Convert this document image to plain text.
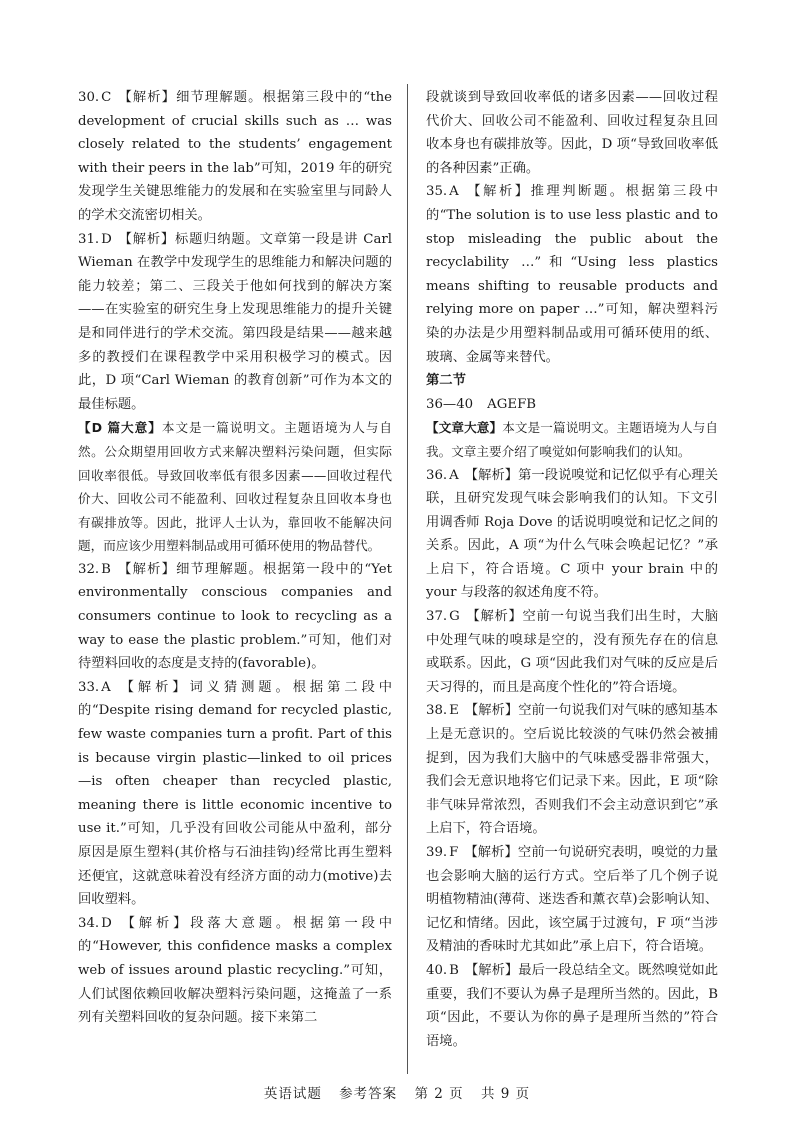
30. C 【解析】细节理解题。根据第三段中的“the development of crucial skills such as … was closely related to the students’ engagement with their peers in the lab”可知，2019 年的研究发现学生关键思维能力的发展和在实验室里与同龄人的学术交流密切相关。
31. D 【解析】标题归纳题。文章第一段是讲 Carl Wieman 在教学中发现学生的思维能力和解决问题的能力较差；第二、三段关于他如何找到的解决方案——在实验室的研究生身上发现思维能力的提升关键是和同伴进行的学术交流。第四段是结果——越来越多的教授们在课程教学中采用积极学习的模式。因此，D 项“Carl Wieman 的教育创新”可作为本文的最佳标题。
【D 篇大意】本文是一篇说明文。主题语境为人与自然。公众期望用回收方式来解决塑料污染问题，但实际回收率很低。导致回收率低有很多因素——回收过程代价大、回收公司不能盈利、回收过程复杂且回收本身也有碳排放等。因此，批评人士认为，靠回收不能解决问题，而应该少用塑料制品或用可循环使用的物品替代。
32. B 【解析】细节理解题。根据第一段中的“Yet environmentally conscious companies and consumers continue to look to recycling as a way to ease the plastic problem.”可知，他们对待塑料回收的态度是支持的(favorable)。
33. A 【解析】词义猜测题。根据第二段中的“Despite rising demand for recycled plastic, few waste companies turn a profit. Part of this is because virgin plastic—linked to oil prices—is often cheaper than recycled plastic, meaning there is little economic incentive to use it.”可知，几乎没有回收公司能从中盈利，部分原因是原生塑料(其价格与石油挂钩)经常比再生塑料还便宜，这就意味着没有经济方面的动力(motive)去回收塑料。
34. D 【解析】段落大意题。根据第一段中的“However, this confidence masks a complex web of issues around plastic recycling.”可知，人们试图依赖回收解决塑料污染问题，这掩盖了一系列有关塑料回收的复杂问题。接下来第二
段就谈到导致回收率低的诸多因素——回收过程代价大、回收公司不能盈利、回收过程复杂且回收本身也有碳排放等。因此，D 项“导致回收率低的各种因素”正确。
35. A 【解析】推理判断题。根据第三段中的“The solution is to use less plastic and to stop misleading the public about the recyclability …”和“Using less plastics means shifting to reusable products and relying more on paper …”可知，解决塑料污染的办法是少用塑料制品或用可循环使用的纸、玻璃、金属等来替代。
第二节
36—40 AGEFB
【文章大意】本文是一篇说明文。主题语境为人与自我。文章主要介绍了嗅觉如何影响我们的认知。
36. A 【解析】第一段说嗅觉和记忆似乎有心理关联，且研究发现气味会影响我们的认知。下文引用调香师 Roja Dove 的话说明嗅觉和记忆之间的关系。因此，A 项“为什么气味会唤起记忆？”承上启下，符合语境。C 项中 your brain 中的 your 与段落的叙述角度不符。
37. G 【解析】空前一句说当我们出生时，大脑中处理气味的嗅球是空的，没有预先存在的信息或联系。因此，G 项“因此我们对气味的反应是后天习得的，而且是高度个性化的”符合语境。
38. E 【解析】空前一句说我们对气味的感知基本上是无意识的。空后说比较淡的气味仍然会被捕捉到，因为我们大脑中的气味感受器非常强大，我们会无意识地将它们记录下来。因此，E 项“除非气味异常浓烈，否则我们不会主动意识到它”承上启下，符合语境。
39. F 【解析】空前一句说研究表明，嗅觉的力量也会影响大脑的运行方式。空后举了几个例子说明植物精油(薄荷、迷迭香和薰衣草)会影响认知、记忆和情绪。因此，该空属于过渡句，F 项“当涉及精油的香味时尤其如此”承上启下，符合语境。
40. B 【解析】最后一段总结全文。既然嗅觉如此重要，我们不要认为鼻子是理所当然的。因此，B 项“因此，不要认为你的鼻子是理所当然的”符合语境。
英语试题 参考答案 第 2 页 共 9 页
